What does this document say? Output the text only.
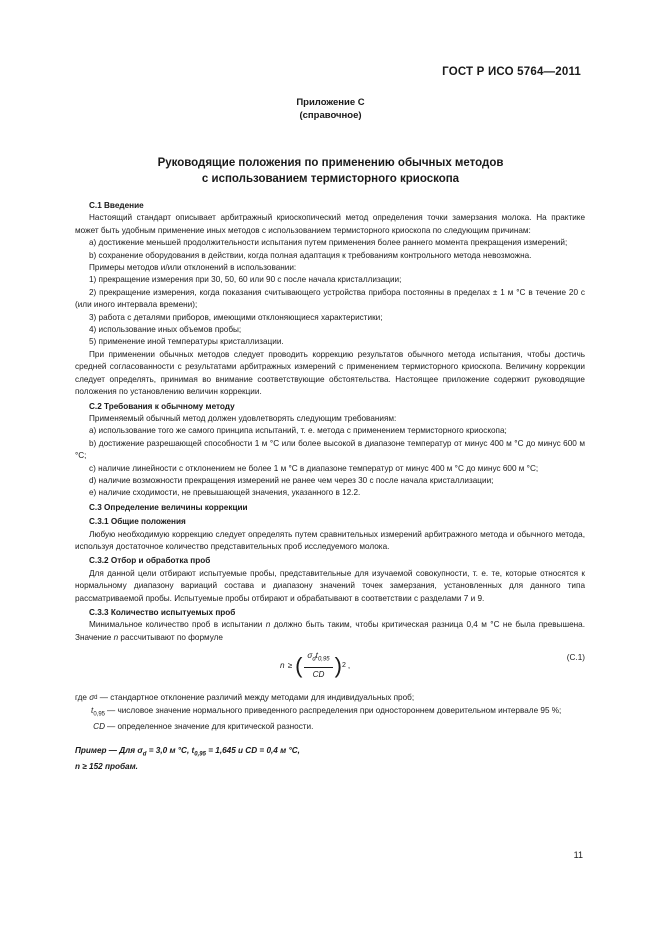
ГОСТ Р ИСО 5764—2011
Приложение С
(справочное)
Руководящие положения по применению обычных методов
с использованием термисторного криоскопа

С.1 Введение

Настоящий стандарт описывает арбитражный криоскопический метод определения точки замерзания молока. На практике может быть удобным применение иных методов с использованием термисторного криоскопа по следующим причинам:

a) достижение меньшей продолжительности испытания путем применения более раннего момента прекращения измерений;

b) сохранение оборудования в действии, когда полная адаптация к требованиям контрольного метода невозможна.

Примеры методов и/или отклонений в использовании:

1) прекращение измерения при 30, 50, 60 или 90 с после начала кристаллизации;

2) прекращение измерения, когда показания считывающего устройства прибора постоянны в пределах ± 1 м °С в течение 20 с (или иного интервала времени);

3) работа с деталями приборов, имеющими отклоняющиеся характеристики;

4) использование иных объемов пробы;

5) применение иной температуры кристаллизации.

При применении обычных методов следует проводить коррекцию результатов обычного метода испытания, чтобы достичь средней согласованности с результатами арбитражных измерений с применением термисторного криоскопа. Величину коррекции следует определять, принимая во внимание соответствующие обстоятельства. Настоящее приложение содержит руководящие положения по установлению величин коррекции.

С.2 Требования к обычному методу

Применяемый обычный метод должен удовлетворять следующим требованиям:

a) использование того же самого принципа испытаний, т. е. метода с применением термисторного криоскопа;

b) достижение разрешающей способности 1 м °С или более высокой в диапазоне температур от минус 400 м °С до минус 600 м °С;

c) наличие линейности с отклонением не более 1 м °С в диапазоне температур от минус 400 м °С до минус 600 м °С;

d) наличие возможности прекращения измерений не ранее чем через 30 с после начала кристаллизации;

e) наличие сходимости, не превышающей значения, указанного в 12.2.

С.3 Определение величины коррекции

С.3.1 Общие положения

Любую необходимую коррекцию следует определять путем сравнительных измерений арбитражного метода и обычного метода, используя достаточное количество представительных проб исследуемого молока.

С.3.2 Отбор и обработка проб

Для данной цели отбирают испытуемые пробы, представительные для изучаемой совокупности, т. е. те, которые относятся к нормальному диапазону вариаций состава и диапазону значений точек замерзания, установленных для данного типа рассматриваемой пробы. Испытуемые пробы отбирают и обрабатывают в соответствии с разделами 7 и 9.

С.3.3 Количество испытуемых проб

Минимальное количество проб в испытании n должно быть таким, чтобы критическая разница 0,4 м °С не была превышена. Значение n рассчитывают по формуле

n ≥ ( $\frac{\sigma_dt_{0,95}}{CD}$ ) 2 ,
(С.1)
где
σ d
— стандартное отклонение различий между методами для индивидуальных проб;
$t_{0,95}$ — числовое значение нормального приведенного распределения при одностороннем доверительном интервале 95 %;
CD — определенное значение для критической разности.

Пример — Для $\sigma_d = 3,0$ м °С, $t_{0,95} = 1,645$ и CD = 0,4 м °С,

n ≥ 152 пробам.

11
